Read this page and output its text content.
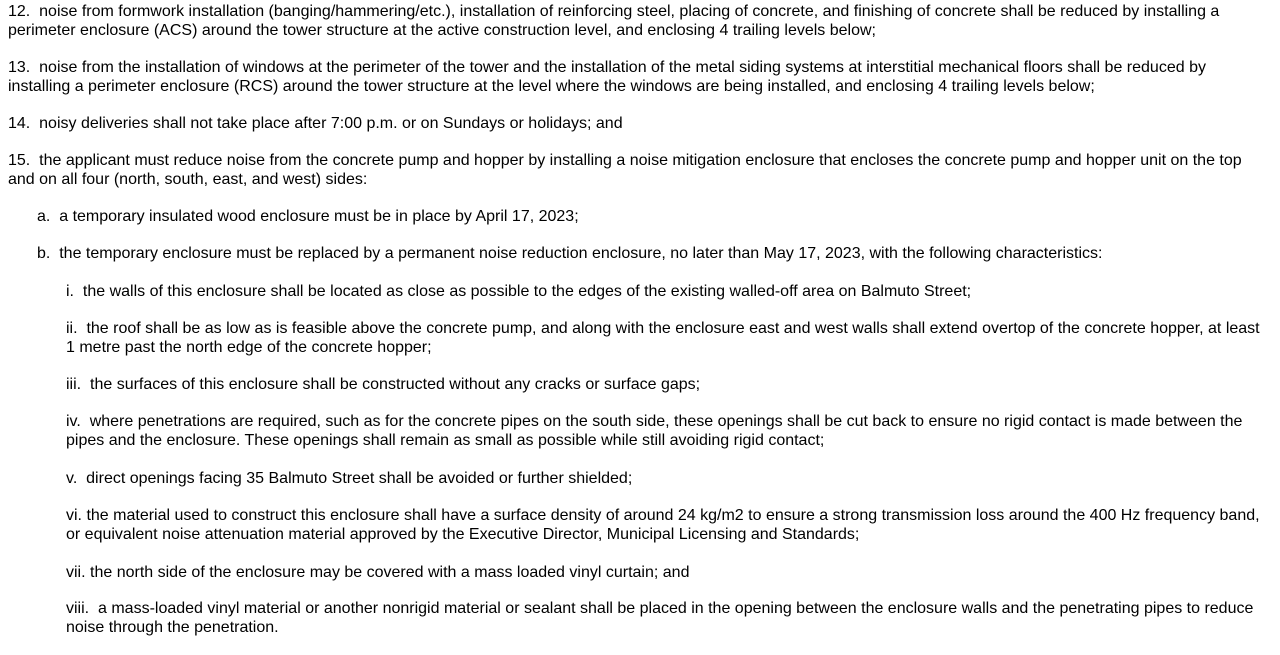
12. noise from formwork installation (banging/hammering/etc.), installation of reinforcing steel, placing of concrete, and finishing of concrete shall be reduced by installing a perimeter enclosure (ACS) around the tower structure at the active construction level, and enclosing 4 trailing levels below;

13. noise from the installation of windows at the perimeter of the tower and the installation of the metal siding systems at interstitial mechanical floors shall be reduced by installing a perimeter enclosure (RCS) around the tower structure at the level where the windows are being installed, and enclosing 4 trailing levels below;

14. noisy deliveries shall not take place after 7:00 p.m. or on Sundays or holidays; and

15. the applicant must reduce noise from the concrete pump and hopper by installing a noise mitigation enclosure that encloses the concrete pump and hopper unit on the top and on all four (north, south, east, and west) sides:

a. a temporary insulated wood enclosure must be in place by April 17, 2023;

b. the temporary enclosure must be replaced by a permanent noise reduction enclosure, no later than May 17, 2023, with the following characteristics:

i. the walls of this enclosure shall be located as close as possible to the edges of the existing walled-off area on Balmuto Street;

ii. the roof shall be as low as is feasible above the concrete pump, and along with the enclosure east and west walls shall extend overtop of the concrete hopper, at least 1 metre past the north edge of the concrete hopper;

iii. the surfaces of this enclosure shall be constructed without any cracks or surface gaps;

iv. where penetrations are required, such as for the concrete pipes on the south side, these openings shall be cut back to ensure no rigid contact is made between the pipes and the enclosure. These openings shall remain as small as possible while still avoiding rigid contact;

v. direct openings facing 35 Balmuto Street shall be avoided or further shielded;

vi. the material used to construct this enclosure shall have a surface density of around 24 kg/m2 to ensure a strong transmission loss around the 400 Hz frequency band, or equivalent noise attenuation material approved by the Executive Director, Municipal Licensing and Standards;

vii. the north side of the enclosure may be covered with a mass loaded vinyl curtain; and

viii. a mass-loaded vinyl material or another nonrigid material or sealant shall be placed in the opening between the enclosure walls and the penetrating pipes to reduce noise through the penetration.
